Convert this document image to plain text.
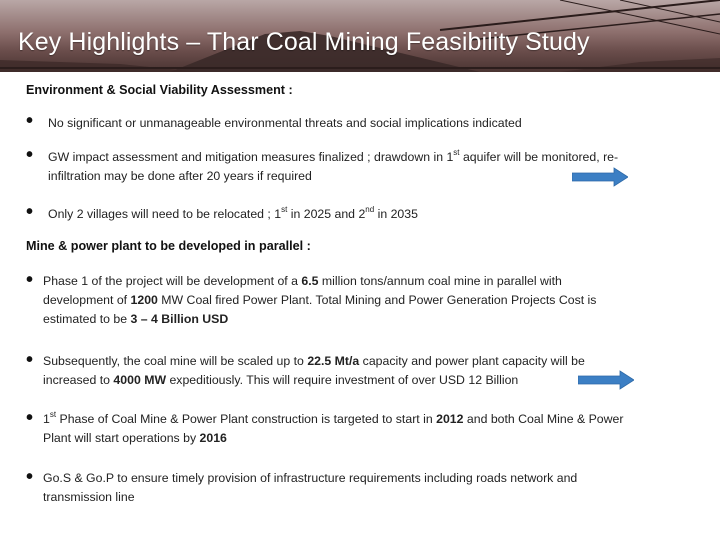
Key Highlights – Thar Coal Mining Feasibility Study
Environment & Social Viability Assessment :
• No significant or unmanageable environmental threats and social implications indicated
• GW impact assessment and mitigation measures finalized ; drawdown in 1st aquifer will be monitored, re-
infiltration may be done after 20 years if required
• Only 2 villages will need to be relocated ; 1st in 2025 and 2nd in 2035
Mine & power plant to be developed in parallel :
• Phase 1 of the project will be development of a 6.5 million tons/annum coal mine in parallel with
development of 1200 MW Coal fired Power Plant. Total Mining and Power Generation Projects Cost is
estimated to be 3 – 4 Billion USD
• Subsequently, the coal mine will be scaled up to 22.5 Mt/a capacity and power plant capacity will be
increased to 4000 MW expeditiously. This will require investment of over USD 12 Billion
• 1st Phase of Coal Mine & Power Plant construction is targeted to start in 2012 and both Coal Mine & Power
Plant will start operations by 2016
• Go.S & Go.P to ensure timely provision of infrastructure requirements including roads network and
transmission line
